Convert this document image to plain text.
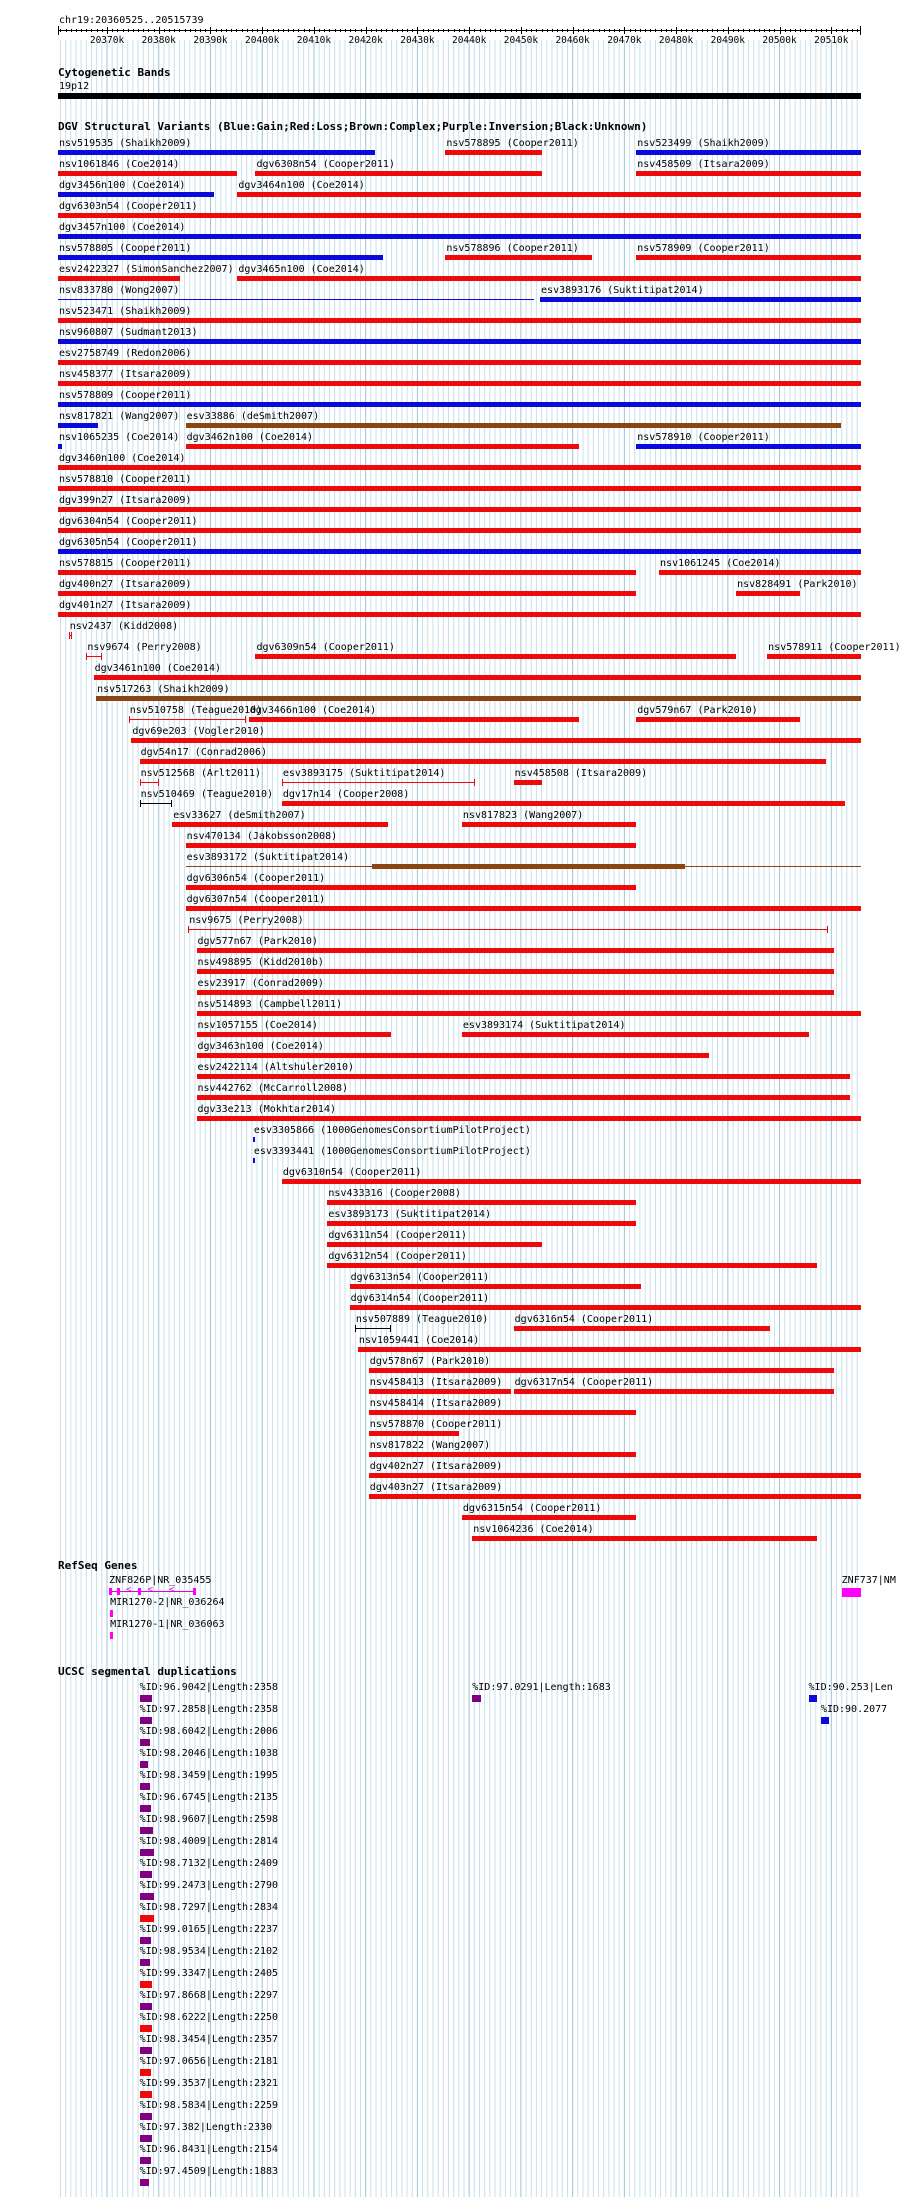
chr19:20360525..20515739
20370k 20380k 20390k 20400k 20410k 20420k 20430k 20440k 20450k 20460k 20470k 20480k 20490k 20500k 20510k
Cytogenetic Bands
19p12
DGV Structural Variants (Blue:Gain;Red:Loss;Brown:Complex;Purple:Inversion;Black:Unknown)
nsv519535 (Shaikh2009)	nsv578895 (Cooper2011)	nsv523499 (Shaikh2009)
nsv1061846 (Coe2014)	dgv6308n54 (Cooper2011)	nsv458509 (Itsara2009)
dgv3456n100 (Coe2014)	dgv3464n100 (Coe2014)
dgv6303n54 (Cooper2011)
dgv3457n100 (Coe2014)
nsv578805 (Cooper2011)	nsv578896 (Cooper2011)	nsv578909 (Cooper2011)
esv2422327 (SimonSanchez2007) dgv3465n100 (Coe2014)
nsv833780 (Wong2007)	esv3893176 (Suktitipat2014)
nsv523471 (Shaikh2009)
nsv960807 (Sudmant2013)
esv2758749 (Redon2006)
nsv458377 (Itsara2009)
nsv578809 (Cooper2011)
nsv817821 (Wang2007) esv33886 (deSmith2007)
nsv1065235 (Coe2014) dgv3462n100 (Coe2014)	nsv578910 (Cooper2011)
dgv3460n100 (Coe2014)
nsv578810 (Cooper2011)
dgv399n27 (Itsara2009)
dgv6304n54 (Cooper2011)
dgv6305n54 (Cooper2011)
nsv578815 (Cooper2011)	nsv1061245 (Coe2014)
dgv400n27 (Itsara2009)	nsv828491 (Park2010)
dgv401n27 (Itsara2009)
nsv2437 (Kidd2008)
nsv9674 (Perry2008)	dgv6309n54 (Cooper2011)	nsv578911 (Cooper2011)
dgv3461n100 (Coe2014)
nsv517263 (Shaikh2009)
nsv510758 (Teague2010)
dgv3466n100 (Coe2014)	dgv579n67 (Park2010)
dgv69e203 (Vogler2010)
dgv54n17 (Conrad2006)
nsv512568 (Arlt2011) esv3893175 (Suktitipat2014)	nsv458508 (Itsara2009)
nsv510469 (Teague2010) dgv17n14 (Cooper2008)
esv33627 (deSmith2007)	nsv817823 (Wang2007)
nsv470134 (Jakobsson2008)
esv3893172 (Suktitipat2014)
dgv6306n54 (Cooper2011)
dgv6307n54 (Cooper2011)
nsv9675 (Perry2008)
dgv577n67 (Park2010)
nsv498895 (Kidd2010b)
esv23917 (Conrad2009)
nsv514893 (Campbell2011)
nsv1057155 (Coe2014)	esv3893174 (Suktitipat2014)
dgv3463n100 (Coe2014)
esv2422114 (Altshuler2010)
nsv442762 (McCarroll2008)
dgv33e213 (Mokhtar2014)
esv3305866 (1000GenomesConsortiumPilotProject)
esv3393441 (1000GenomesConsortiumPilotProject)
dgv6310n54 (Cooper2011)
nsv433316 (Cooper2008)
esv3893173 (Suktitipat2014)
dgv6311n54 (Cooper2011)
dgv6312n54 (Cooper2011)
dgv6313n54 (Cooper2011)
dgv6314n54 (Cooper2011)
nsv507889 (Teague2010)	dgv6316n54 (Cooper2011)
nsv1059441 (Coe2014)
dgv578n67 (Park2010)
nsv458413 (Itsara2009) dgv6317n54 (Cooper2011)
nsv458414 (Itsara2009)
nsv578870 (Cooper2011)
nsv817822 (Wang2007)
dgv402n27 (Itsara2009)
dgv403n27 (Itsara2009)
dgv6315n54 (Cooper2011)
nsv1064236 (Coe2014)
RefSeq Genes
ZNF826P|NR_035455
< < <
MIR1270-2|NR_036264
MIR1270-1|NR_036063
ZNF737|NM
UCSC segmental duplications
%ID:96.9042|Length:2358	%ID:97.0291|Length:1683	%ID:90.253|Len
%ID:97.2858|Length:2358	%ID:90.2077
%ID:98.6042|Length:2006
%ID:98.2046|Length:1038
%ID:98.3459|Length:1995
%ID:96.6745|Length:2135
%ID:98.9607|Length:2598
%ID:98.4009|Length:2814
%ID:98.7132|Length:2409
%ID:99.2473|Length:2790
%ID:98.7297|Length:2834
%ID:99.0165|Length:2237
%ID:98.9534|Length:2102
%ID:99.3347|Length:2405
%ID:97.8668|Length:2297
%ID:98.6222|Length:2250
%ID:98.3454|Length:2357
%ID:97.0656|Length:2181
%ID:99.3537|Length:2321
%ID:98.5834|Length:2259
%ID:97.382|Length:2330
%ID:96.8431|Length:2154
%ID:97.4509|Length:1883
